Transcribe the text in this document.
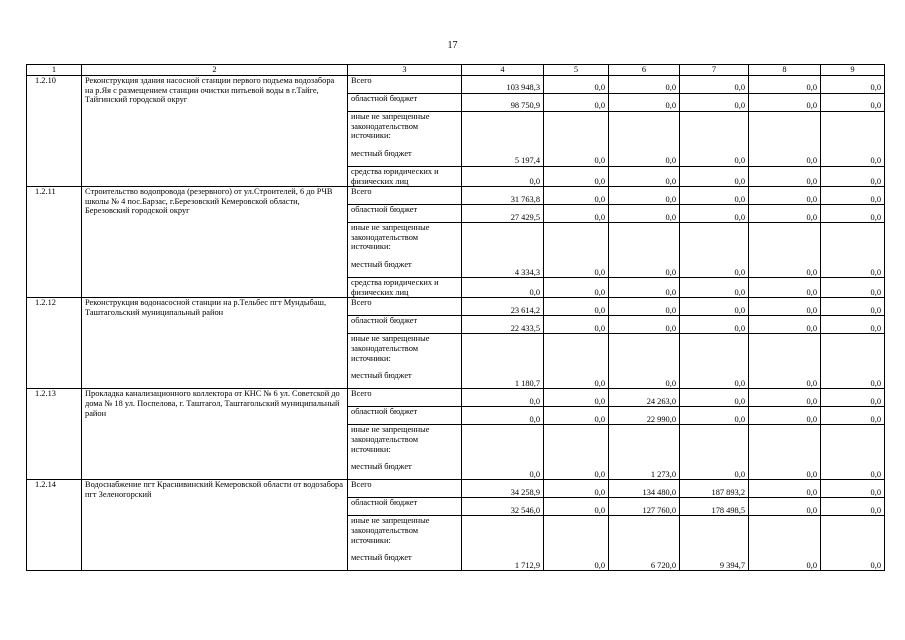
17
1	2	3	4	5	6	7	8	9
1.2.10	Реконструкция здания насосной станции первого подъема водозабора на р.Яя с размещением станции очистки питьевой воды в г.Тайге, Тайгинский городской округ	Всего	103 948,3	0,0	0,0	0,0	0,0	0,0
		областной бюджет	98 750,9	0,0	0,0	0,0	0,0	0,0
		иные не запрещенные законодательством источники:						
		местный бюджет	5 197,4	0,0	0,0	0,0	0,0	0,0
		средства юридических и физических лиц	0,0	0,0	0,0	0,0	0,0	0,0
1.2.11	Строительство водопровода (резервного) от ул.Строителей, 6 до РЧВ школы № 4 пос.Барзас, г.Березовский Кемеровской области, Березовский городской округ	Всего	31 763,8	0,0	0,0	0,0	0,0	0,0
		областной бюджет	27 429,5	0,0	0,0	0,0	0,0	0,0
		иные не запрещенные законодательством источники:						
		местный бюджет	4 334,3	0,0	0,0	0,0	0,0	0,0
		средства юридических и физических лиц	0,0	0,0	0,0	0,0	0,0	0,0
1.2.12	Реконструкция водонасосной станции на р.Тельбес пгт Мундыбаш, Таштагольский муниципальный район	Всего	23 614,2	0,0	0,0	0,0	0,0	0,0
		областной бюджет	22 433,5	0,0	0,0	0,0	0,0	0,0
		иные не запрещенные законодательством источники:						
		местный бюджет	1 180,7	0,0	0,0	0,0	0,0	0,0
1.2.13	Прокладка канализационного коллектора от КНС № 6 ул. Советской до дома № 18 ул. Поспелова, г. Таштагол, Таштагольский муниципальный район	Всего	0,0	0,0	24 263,0	0,0	0,0	0,0
		областной бюджет	0,0	0,0	22 990,0	0,0	0,0	0,0
		иные не запрещенные законодательством источники:						
		местный бюджет	0,0	0,0	1 273,0	0,0	0,0	0,0
1.2.14	Водоснабжение пгт Краснивинский Кемеровской области от водозабора пгт Зеленогорский	Всего	34 258,9	0,0	134 480,0	187 893,2	0,0	0,0
		областной бюджет	32 546,0	0,0	127 760,0	178 498,5	0,0	0,0
		иные не запрещенные законодательством источники:						
		местный бюджет	1 712,9	0,0	6 720,0	9 394,7	0,0	0,0
